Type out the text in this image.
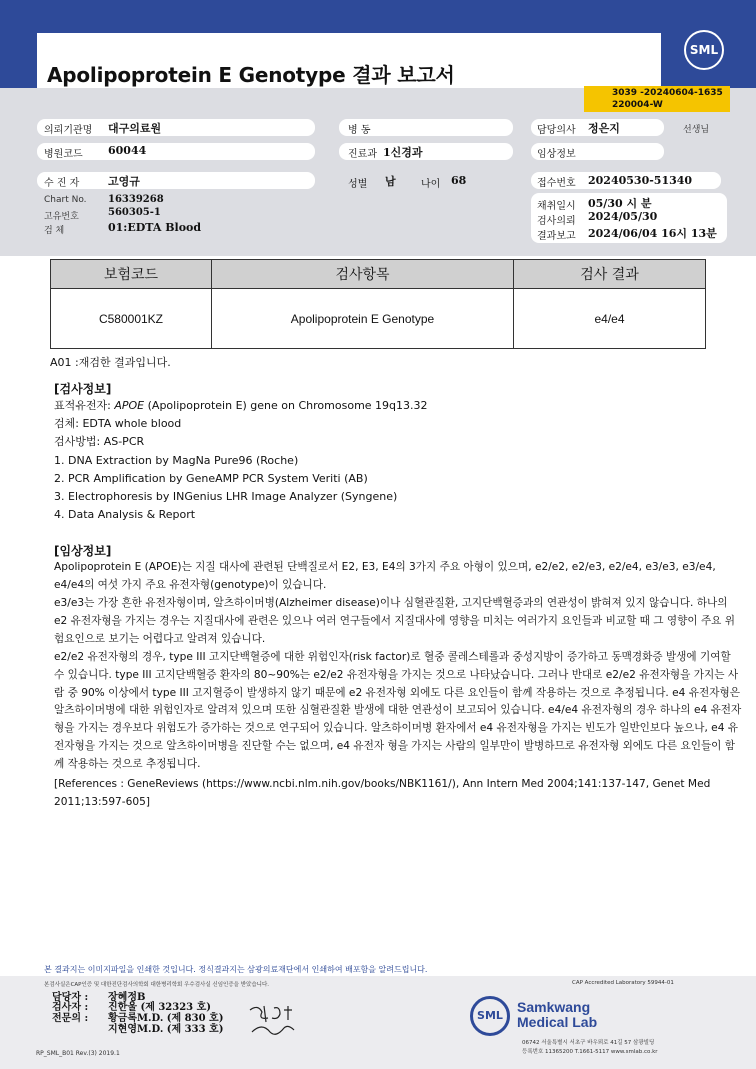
Apolipoprotein E Genotype 결과 보고서
SML
3039 -20240604-1635
220004-W
의뢰기관명 대구의료원
병원코드 60044
수 진 자	고영규
Chart No. 16339268
고유번호	560305-1
검 체	01:EDTA Blood
병 동
진료과 1신경과
성별 남	나이 68
담당의사 정은지	선생님
임상정보
접수번호 20240530-51340
채취일시 05/30 시 분
검사의뢰 2024/05/30
결과보고 2024/06/04 16시 13분
보험코드	검사항목	검사 결과
C580001KZ	Apolipoprotein E Genotype	e4/e4
A01 :재검한 결과입니다.
[검사정보]
표적유전자: APOE (Apolipoprotein E) gene on Chromosome 19q13.32
검체: EDTA whole blood
검사방법: AS-PCR
1. DNA Extraction by MagNa Pure96 (Roche)
2. PCR Amplification by GeneAMP PCR System Veriti (AB)
3. Electrophoresis by INGenius LHR Image Analyzer (Syngene)
4. Data Analysis & Report
[임상정보]
Apolipoprotein E (APOE)는 지질 대사에 관련된 단백질로서 E2, E3, E4의 3가지 주요 아형이 있으며, e2/e2, e2/e3, e2/e4, e3/e3, e3/e4, e4/e4의 여섯 가지 주요 유전자형(genotype)이 있습니다.
e3/e3는 가장 흔한 유전자형이며, 알츠하이머병(Alzheimer disease)이나 심혈관질환, 고지단백혈증과의 연관성이 밝혀져 있지 않습니다. 하나의 e2 유전자형을 가지는 경우는 지질대사에 관련은 있으나 여러 연구들에서 지질대사에 영향을 미치는 여러가지 요인들과 비교할 때 그 영향이 주요 위험요인으로 보기는 어렵다고 알려져 있습니다.
e2/e2 유전자형의 경우, type III 고지단백혈증에 대한 위험인자(risk factor)로 혈중 콜레스테롤과 중성지방이 증가하고 동맥경화증 발생에 기여할 수 있습니다. type III 고지단백혈증 환자의 80~90%는 e2/e2 유전자형을 가지는 것으로 나타났습니다. 그러나 반대로 e2/e2 유전자형을 가지는 사람 중 90% 이상에서 type III 고지혈증이 발생하지 않기 때문에 e2 유전자형 외에도 다른 요인들이 함께 작용하는 것으로 추정됩니다. e4 유전자형은 알츠하이머병에 대한 위험인자로 알려져 있으며 또한 심혈관질환 발생에 대한 연관성이 보고되어 있습니다. e4/e4 유전자형의 경우 하나의 e4 유전자형을 가지는 경우보다 위험도가 증가하는 것으로 연구되어 있습니다. 알츠하이머병 환자에서 e4 유전자형을 가지는 빈도가 일반인보다 높으나, e4 유전자형을 가지는 것으로 알츠하이머병을 진단할 수는 없으며, e4 유전자 형을 가지는 사람의 일부만이 발병하므로 유전자형 외에도 다른 요인들이 함께 작용하는 것으로 추정됩니다.
[References : GeneReviews (https://www.ncbi.nlm.nih.gov/books/NBK1161/), Ann Intern Med 2004;141:137-147, Genet Med 2011;13:597-605]
본 결과지는 이미지파일을 인쇄한 것입니다. 정식결과지는 삼광의료재단에서 인쇄하여 배포함을 알려드립니다.
본검사실은CAP인증 및 대한진단검사의학회 대한병리학회 우수검사실 신임인증을 받았습니다.	CAP Accredited Laboratory 59944-01
담당자 :
검사자 :
전문의 :
장혜정B
진한울 (제 32323 호)
황금록M.D. (제 830 호)
지현영M.D. (제 333 호)
SML
Samkwang
Medical Lab
06742 서울특별시 서초구 바우뫼로 41길 57 삼광빌딩
등록번호 11365200 T.1661-5117 www.smlab.co.kr
RP_SML_B01 Rev.(3) 2019.1
